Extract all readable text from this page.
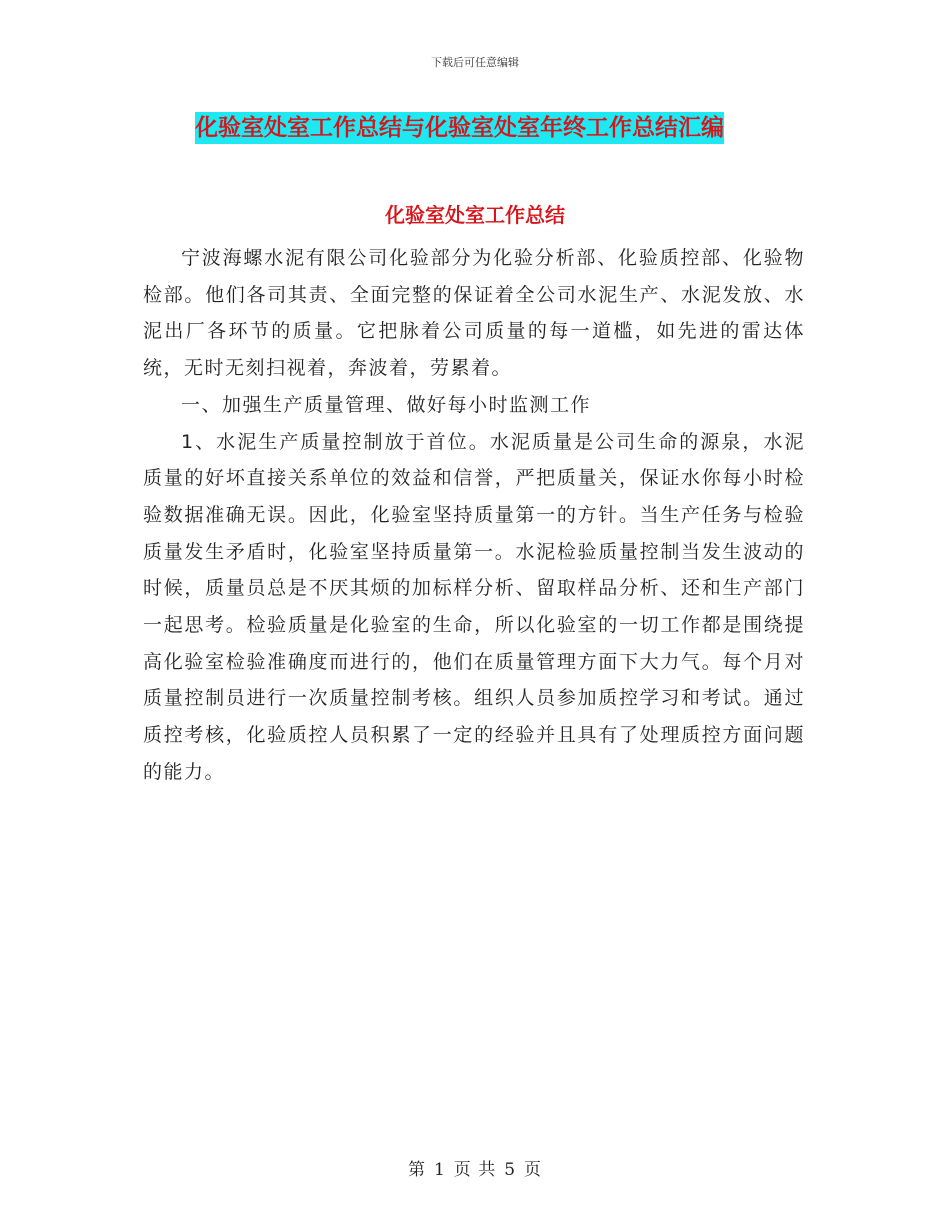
下载后可任意编辑
化验室处室工作总结与化验室处室年终工作总结汇编
化验室处室工作总结

宁波海螺水泥有限公司化验部分为化验分析部、化验质控部、化验物检部。他们各司其责、全面完整的保证着全公司水泥生产、水泥发放、水泥出厂各环节的质量。它把脉着公司质量的每一道槛，如先进的雷达体统，无时无刻扫视着，奔波着，劳累着。

一、加强生产质量管理、做好每小时监测工作

1、水泥生产质量控制放于首位。水泥质量是公司生命的源泉，水泥质量的好坏直接关系单位的效益和信誉，严把质量关，保证水你每小时检验数据准确无误。因此，化验室坚持质量第一的方针。当生产任务与检验质量发生矛盾时，化验室坚持质量第一。水泥检验质量控制当发生波动的时候，质量员总是不厌其烦的加标样分析、留取样品分析、还和生产部门一起思考。检验质量是化验室的生命，所以化验室的一切工作都是围绕提高化验室检验准确度而进行的，他们在质量管理方面下大力气。每个月对质量控制员进行一次质量控制考核。组织人员参加质控学习和考试。通过质控考核，化验质控人员积累了一定的经验并且具有了处理质控方面问题的能力。

第 1 页 共 5 页
